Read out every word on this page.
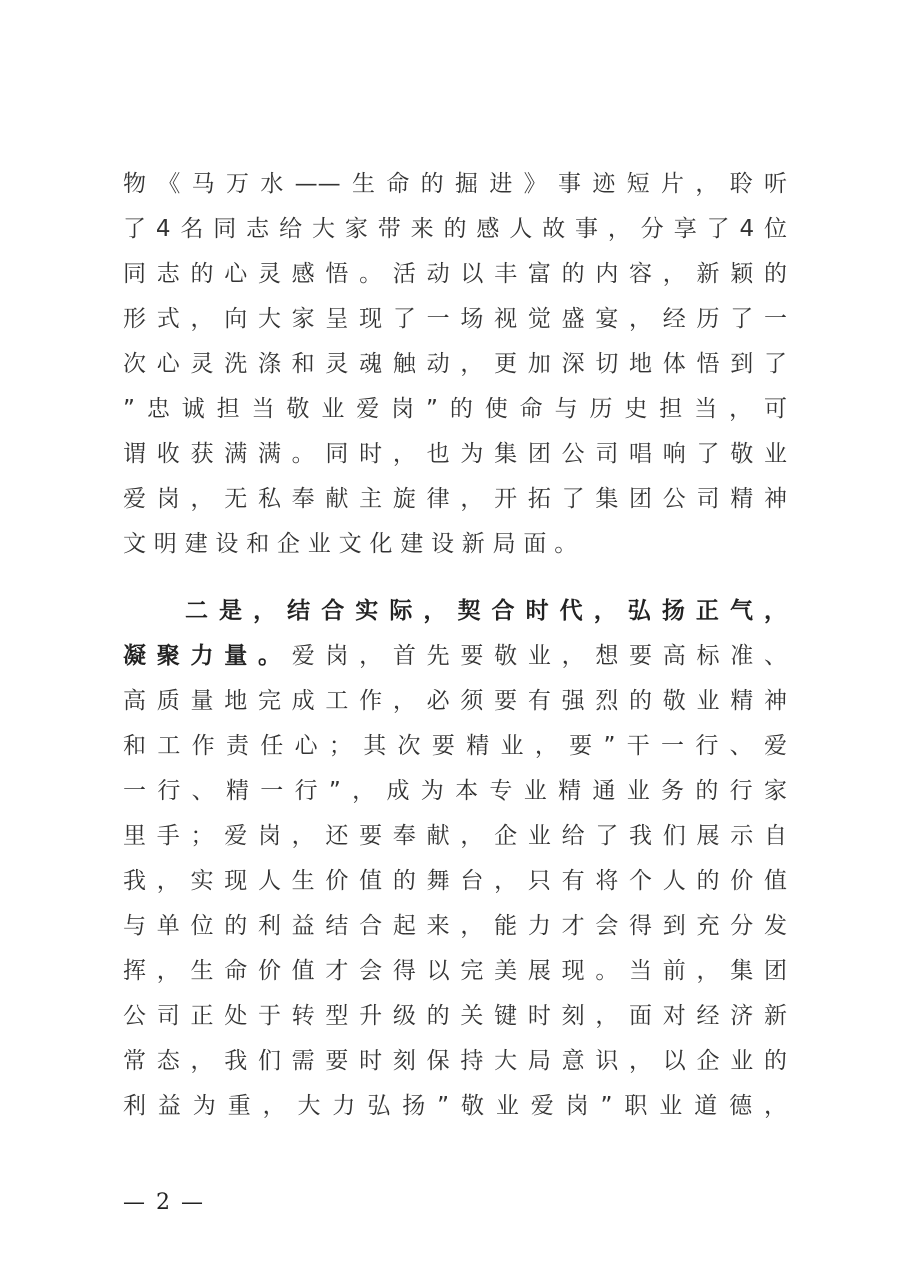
物《马万水——生命的掘进》事迹短片，聆听
了4名同志给大家带来的感人故事，分享了4位
同志的心灵感悟。活动以丰富的内容，新颖的
形式，向大家呈现了一场视觉盛宴，经历了一
次心灵洗涤和灵魂触动，更加深切地体悟到了
”忠诚担当敬业爱岗”的使命与历史担当，可
谓收获满满。同时，也为集团公司唱响了敬业
爱岗，无私奉献主旋律，开拓了集团公司精神
文明建设和企业文化建设新局面。
二是，结合实际，契合时代，弘扬正气，
凝聚力量。爱岗，首先要敬业，想要高标准、
高质量地完成工作，必须要有强烈的敬业精神
和工作责任心；其次要精业，要”干一行、爱
一行、精一行”，成为本专业精通业务的行家
里手；爱岗，还要奉献，企业给了我们展示自
我，实现人生价值的舞台，只有将个人的价值
与单位的利益结合起来，能力才会得到充分发
挥，生命价值才会得以完美展现。当前，集团
公司正处于转型升级的关键时刻，面对经济新
常态，我们需要时刻保持大局意识，以企业的
利益为重，大力弘扬”敬业爱岗”职业道德，
— 2 —
